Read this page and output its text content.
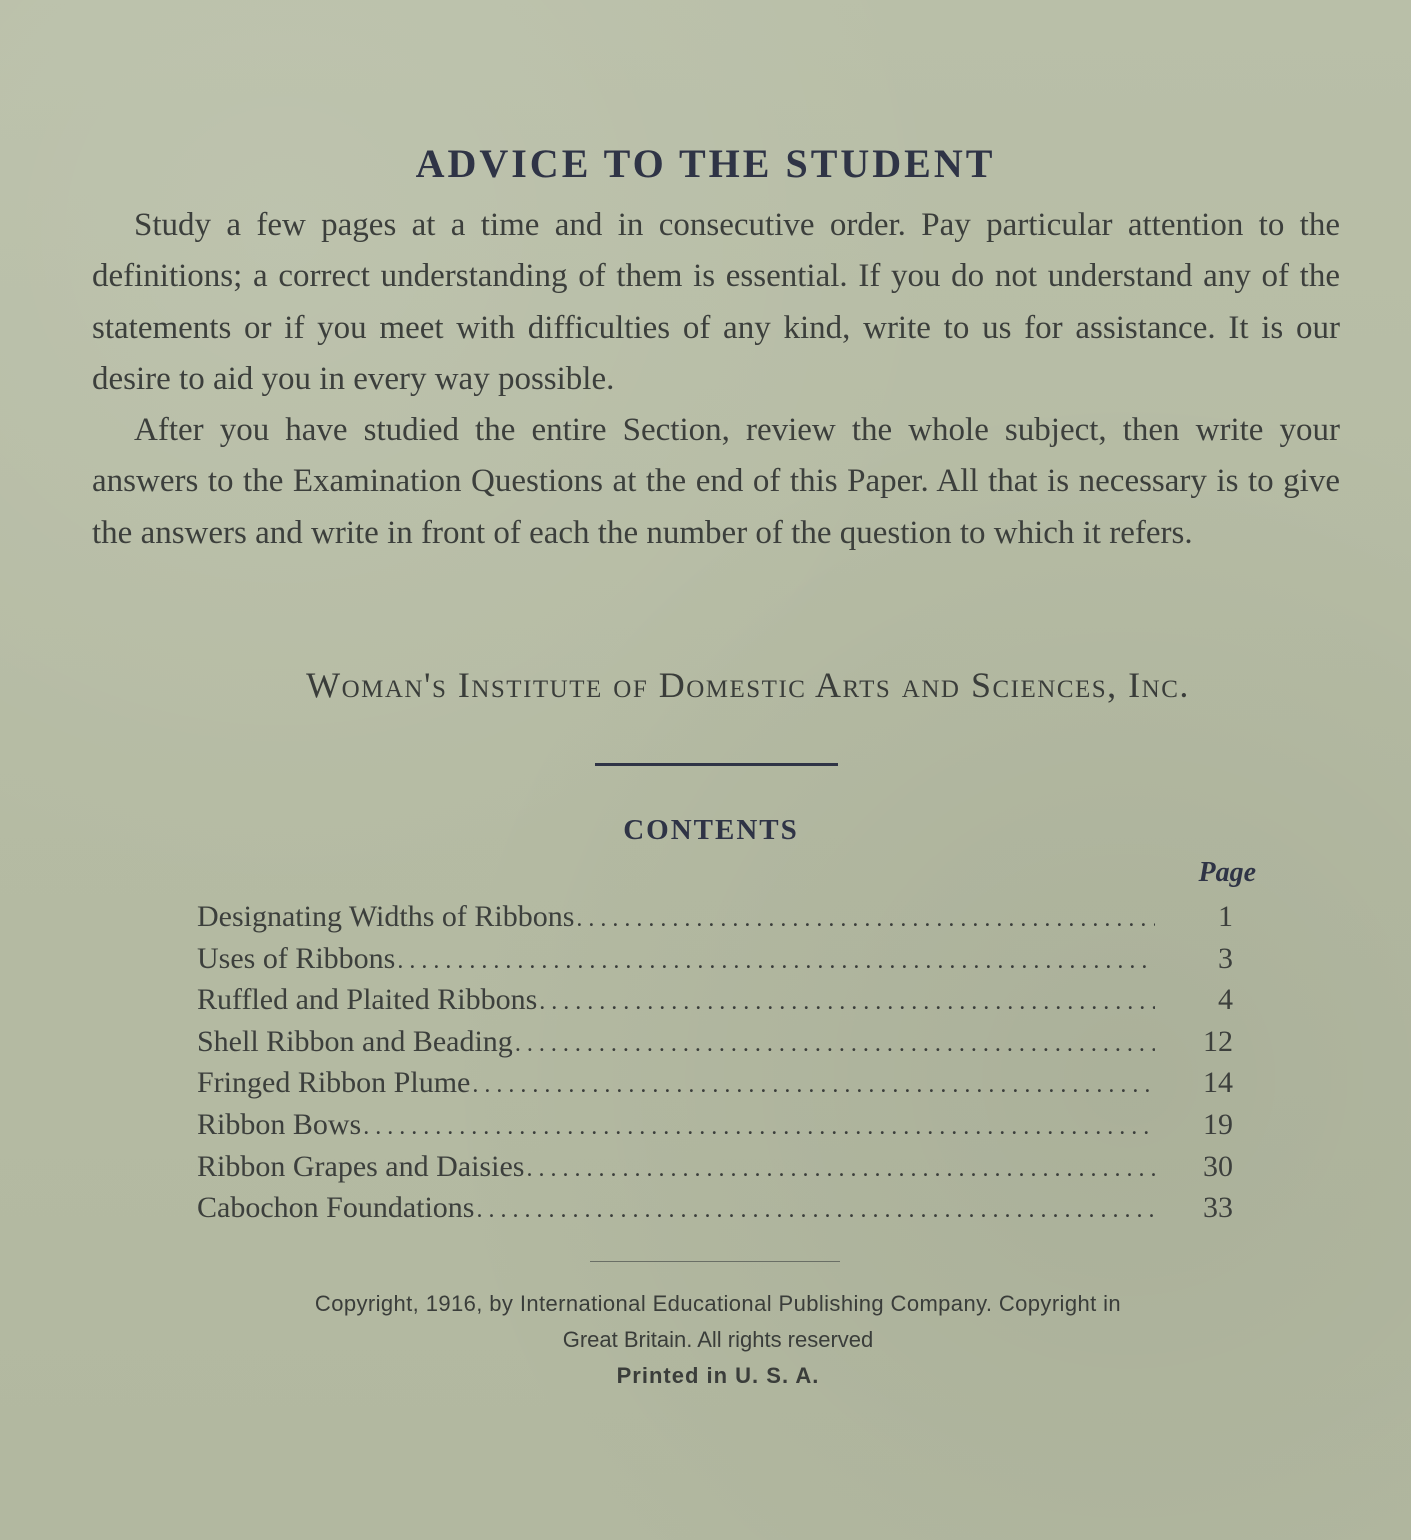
ADVICE TO THE STUDENT

Study a few pages at a time and in consecutive order. Pay particular attention to the definitions; a correct understanding of them is essential. If you do not understand any of the statements or if you meet with difficulties of any kind, write to us for assistance. It is our desire to aid you in every way possible.

After you have studied the entire Section, review the whole subject, then write your answers to the Examination Questions at the end of this Paper. All that is necessary is to give the answers and write in front of each the number of the question to which it refers.

Woman's Institute of Domestic Arts and Sciences, Inc.
CONTENTS
Page
Designating Widths of Ribbons . . .	1
Uses of Ribbons . . .	3
Ruffled and Plaited Ribbons . . .	4
Shell Ribbon and Beading . . .	12
Fringed Ribbon Plume . . .	14
Ribbon Bows . . .	19
Ribbon Grapes and Daisies . . .	30
Cabochon Foundations . . .	33
Copyright, 1916, by International Educational Publishing Company. Copyright in
Great Britain. All rights reserved
Printed in U. S. A.
